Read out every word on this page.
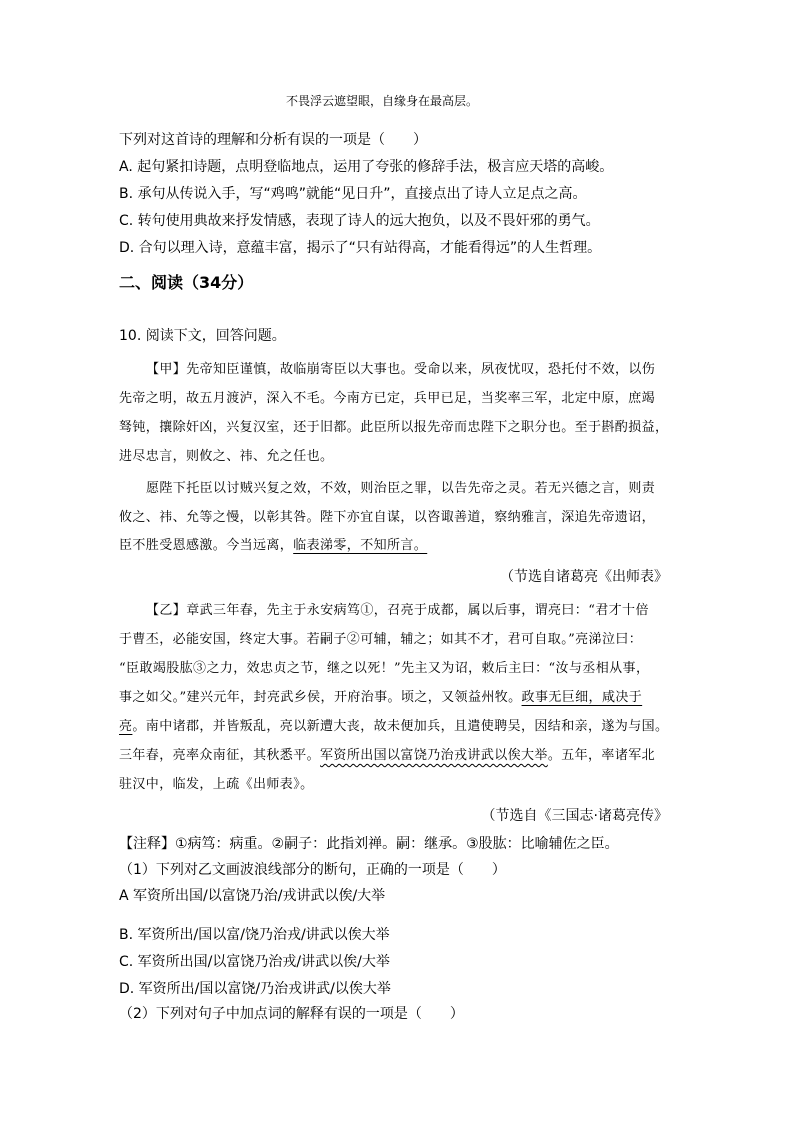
不畏浮云遮望眼，自缘身在最高层。
下列对这首诗的理解和分析有误的一项是（　　）
A. 起句紧扣诗题，点明登临地点，运用了夸张的修辞手法，极言应天塔的高峻。
B. 承句从传说入手，写“鸡鸣”就能“见日升”，直接点出了诗人立足点之高。
C. 转句使用典故来抒发情感，表现了诗人的远大抱负，以及不畏奸邪的勇气。
D. 合句以理入诗，意蕴丰富，揭示了“只有站得高，才能看得远”的人生哲理。
二、阅读（34分）
10. 阅读下文，回答问题。
【甲】先帝知臣谨慎，故临崩寄臣以大事也。受命以来，夙夜忧叹，恐托付不效，以伤
先帝之明，故五月渡泸，深入不毛。今南方已定，兵甲已足，当奖率三军，北定中原，庶竭
驽钝，攘除奸凶，兴复汉室，还于旧都。此臣所以报先帝而忠陛下之职分也。至于斟酌损益，
进尽忠言，则攸之、祎、允之任也。
愿陛下托臣以讨贼兴复之效，不效，则治臣之罪，以告先帝之灵。若无兴德之言，则责
攸之、祎、允等之慢，以彰其咎。陛下亦宜自谋，以咨诹善道，察纳雅言，深追先帝遗诏，
臣不胜受恩感激。今当远离，临表涕零，不知所言。
（节选自诸葛亮《出师表》
【乙】章武三年春，先主于永安病笃①，召亮于成都，属以后事，谓亮曰：“君才十倍
于曹丕，必能安国，终定大事。若嗣子②可辅，辅之；如其不才，君可自取。”亮涕泣曰：
“臣敢竭股肱③之力，效忠贞之节，继之以死！”先主又为诏，敕后主曰：“汝与丞相从事，
事之如父。”建兴元年，封亮武乡侯，开府治事。顷之，又领益州牧。政事无巨细，咸决于
亮。南中诸郡，并皆叛乱，亮以新遭大丧，故未便加兵，且遣使聘吴，因结和亲，遂为与国。
三年春，亮率众南征，其秋悉平。军资所出国以富饶乃治戎讲武以俟大举。五年，率诸军北
驻汉中，临发，上疏《出师表》。
（节选自《三国志·诸葛亮传》
【注释】①病笃：病重。②嗣子：此指刘禅。嗣：继承。③股肱：比喻辅佐之臣。
（1）下列对乙文画波浪线部分的断句，正确的一项是（　　）
A 军资所出国/以富饶乃治/戎讲武以俟/大举
B. 军资所出/国以富/饶乃治戎/讲武以俟大举
C. 军资所出国/以富饶乃治戎/讲武以俟/大举
D. 军资所出/国以富饶/乃治戎讲武/以俟大举
（2）下列对句子中加点词的解释有误的一项是（　　）
